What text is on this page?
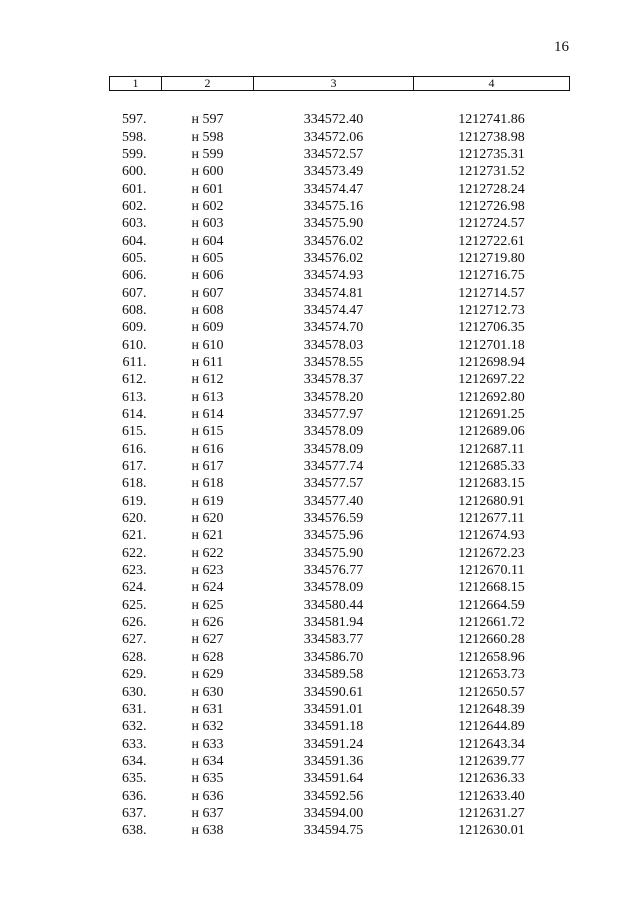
16
1	2	3	4

597.	н 597	334572.40	1212741.86
598.	н 598	334572.06	1212738.98
599.	н 599	334572.57	1212735.31
600.	н 600	334573.49	1212731.52
601.	н 601	334574.47	1212728.24
602.	н 602	334575.16	1212726.98
603.	н 603	334575.90	1212724.57
604.	н 604	334576.02	1212722.61
605.	н 605	334576.02	1212719.80
606.	н 606	334574.93	1212716.75
607.	н 607	334574.81	1212714.57
608.	н 608	334574.47	1212712.73
609.	н 609	334574.70	1212706.35
610.	н 610	334578.03	1212701.18
611.	н 611	334578.55	1212698.94
612.	н 612	334578.37	1212697.22
613.	н 613	334578.20	1212692.80
614.	н 614	334577.97	1212691.25
615.	н 615	334578.09	1212689.06
616.	н 616	334578.09	1212687.11
617.	н 617	334577.74	1212685.33
618.	н 618	334577.57	1212683.15
619.	н 619	334577.40	1212680.91
620.	н 620	334576.59	1212677.11
621.	н 621	334575.96	1212674.93
622.	н 622	334575.90	1212672.23
623.	н 623	334576.77	1212670.11
624.	н 624	334578.09	1212668.15
625.	н 625	334580.44	1212664.59
626.	н 626	334581.94	1212661.72
627.	н 627	334583.77	1212660.28
628.	н 628	334586.70	1212658.96
629.	н 629	334589.58	1212653.73
630.	н 630	334590.61	1212650.57
631.	н 631	334591.01	1212648.39
632.	н 632	334591.18	1212644.89
633.	н 633	334591.24	1212643.34
634.	н 634	334591.36	1212639.77
635.	н 635	334591.64	1212636.33
636.	н 636	334592.56	1212633.40
637.	н 637	334594.00	1212631.27
638.	н 638	334594.75	1212630.01
